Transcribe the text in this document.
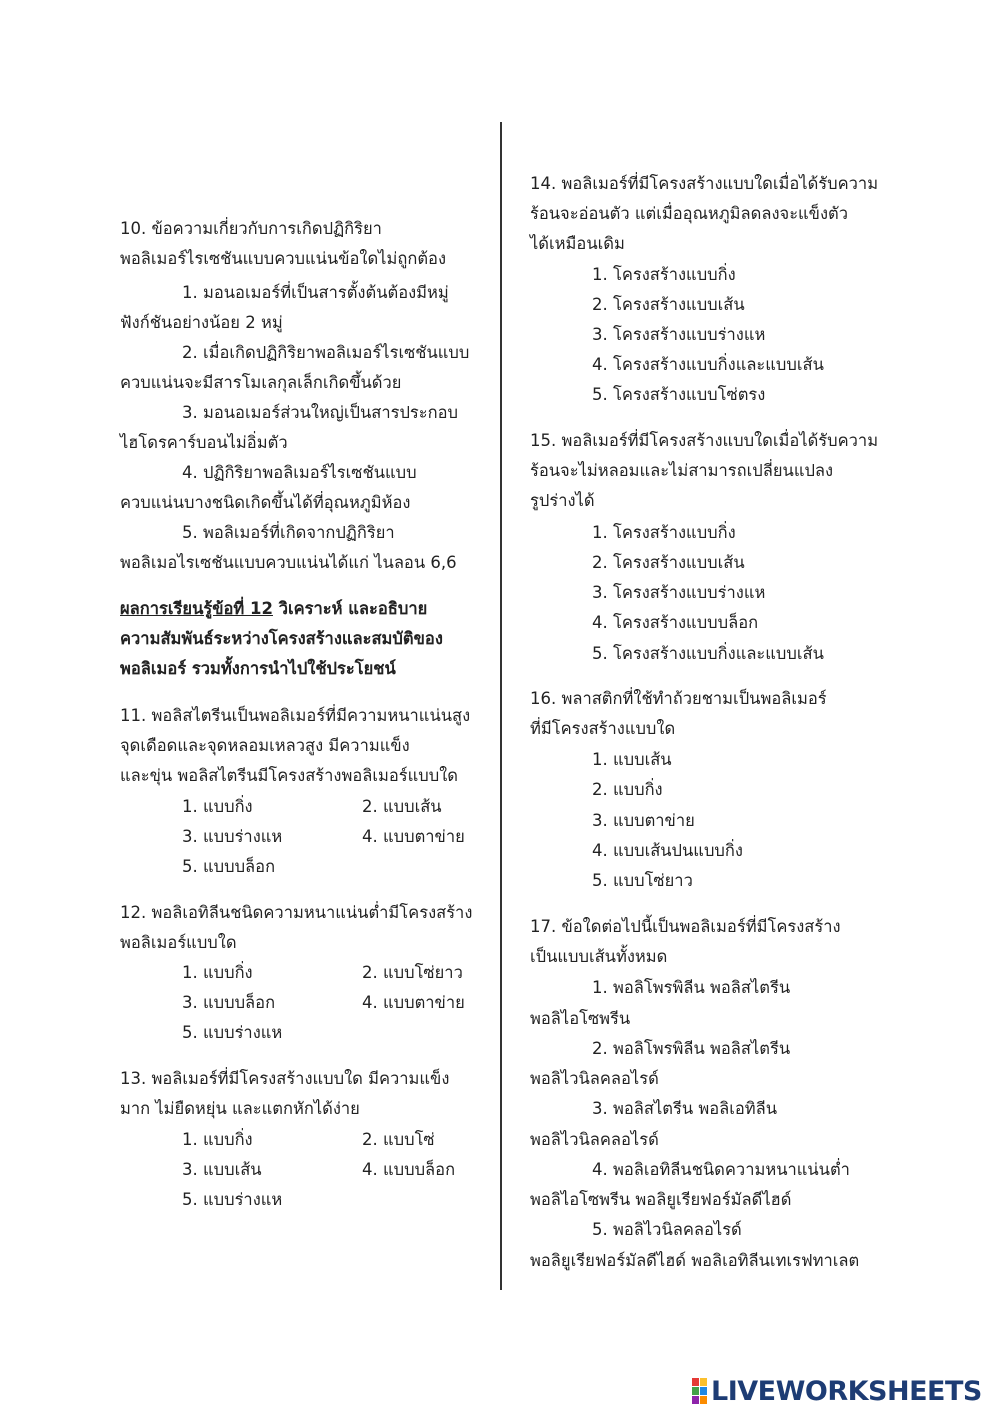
10. ข้อความเกี่ยวกับการเกิดปฏิกิริยา
พอลิเมอร์ไรเซชันแบบควบแน่นข้อใดไม่ถูกต้อง
1. มอนอเมอร์ที่เป็นสารตั้งต้นต้องมีหมู่
ฟังก์ชันอย่างน้อย 2 หมู่
2. เมื่อเกิดปฏิกิริยาพอลิเมอร์ไรเซชันแบบ
ควบแน่นจะมีสารโมเลกุลเล็กเกิดขึ้นด้วย
3. มอนอเมอร์ส่วนใหญ่เป็นสารประกอบ
ไฮโดรคาร์บอนไม่อิ่มตัว
4. ปฏิกิริยาพอลิเมอร์ไรเซชันแบบ
ควบแน่นบางชนิดเกิดขึ้นได้ที่อุณหภูมิห้อง
5. พอลิเมอร์ที่เกิดจากปฏิกิริยา
พอลิเมอไรเซชันแบบควบแน่นได้แก่ ไนลอน 6,6
ผลการเรียนรู้ข้อที่ 12 วิเคราะห์ และอธิบาย
ความสัมพันธ์ระหว่างโครงสร้างและสมบัติของ
พอลิเมอร์ รวมทั้งการนำไปใช้ประโยชน์
11. พอลิสไตรีนเป็นพอลิเมอร์ที่มีความหนาแน่นสูง
จุดเดือดและจุดหลอมเหลวสูง มีความแข็ง
และขุ่น พอลิสไตรีนมีโครงสร้างพอลิเมอร์แบบใด
1. แบบกิ่ง	2. แบบเส้น
3. แบบร่างแห	4. แบบตาข่าย
5. แบบบล็อก
12. พอลิเอทิลีนชนิดความหนาแน่นต่ำมีโครงสร้าง
พอลิเมอร์แบบใด
1. แบบกิ่ง	2. แบบโซ่ยาว
3. แบบบล็อก	4. แบบตาข่าย
5. แบบร่างแห
13. พอลิเมอร์ที่มีโครงสร้างแบบใด มีความแข็ง
มาก ไม่ยืดหยุ่น และแตกหักได้ง่าย
1. แบบกิ่ง	2. แบบโซ่
3. แบบเส้น	4. แบบบล็อก
5. แบบร่างแห
14. พอลิเมอร์ที่มีโครงสร้างแบบใดเมื่อได้รับความ
ร้อนจะอ่อนตัว แต่เมื่ออุณหภูมิลดลงจะแข็งตัว
ได้เหมือนเดิม
1. โครงสร้างแบบกิ่ง
2. โครงสร้างแบบเส้น
3. โครงสร้างแบบร่างแห
4. โครงสร้างแบบกิ่งและแบบเส้น
5. โครงสร้างแบบโซ่ตรง
15. พอลิเมอร์ที่มีโครงสร้างแบบใดเมื่อได้รับความ
ร้อนจะไม่หลอมและไม่สามารถเปลี่ยนแปลง
รูปร่างได้
1. โครงสร้างแบบกิ่ง
2. โครงสร้างแบบเส้น
3. โครงสร้างแบบร่างแห
4. โครงสร้างแบบบล็อก
5. โครงสร้างแบบกิ่งและแบบเส้น
16. พลาสติกที่ใช้ทำถ้วยชามเป็นพอลิเมอร์
ที่มีโครงสร้างแบบใด
1. แบบเส้น
2. แบบกิ่ง
3. แบบตาข่าย
4. แบบเส้นปนแบบกิ่ง
5. แบบโซ่ยาว
17. ข้อใดต่อไปนี้เป็นพอลิเมอร์ที่มีโครงสร้าง
เป็นแบบเส้นทั้งหมด
1. พอลิโพรพิลีน พอลิสไตรีน
พอลิไอโซพรีน
2. พอลิโพรพิลีน พอลิสไตรีน
พอลิไวนิลคลอไรด์
3. พอลิสไตรีน พอลิเอทิลีน
พอลิไวนิลคลอไรด์
4. พอลิเอทิลีนชนิดความหนาแน่นต่ำ
พอลิไอโซพรีน พอลิยูเรียฟอร์มัลดีไฮด์
5. พอลิไวนิลคลอไรด์
พอลิยูเรียฟอร์มัลดีไฮด์ พอลิเอทิลีนเทเรฟทาเลต
LIVEWORKSHEETS
